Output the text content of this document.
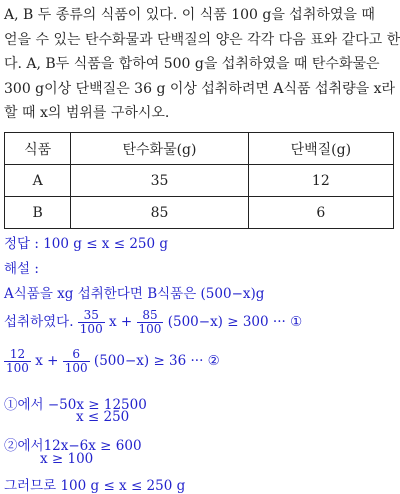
A, B 두 종류의 식품이 있다. 이 식품 100 g을 섭취하였을 때
얻을 수 있는 탄수화물과 단백질의 양은 각각 다음 표와 같다고 한
다. A, B두 식품을 합하여 500 g을 섭취하였을 때 탄수화물은
300 g이상 단백질은 36 g 이상 섭취하려면 A식품 섭취량을 x라
할 때 x의 범위를 구하시오.
식품	탄수화물(g)	단백질(g)
A	35	12
B	85	6
정답 : 100 g ≤ x ≤ 250 g
해설 :
A식품을 xg 섭취한다면 B식품은 (500−x)g
섭취하였다. $\frac{35}{100}$ $x + \frac{85}{100} (500-x) \ge 300$ ··· ①
$\frac{12}{100}$ $x + \frac{6}{100} (500-x) \ge 36$ ··· ②
①에서 −50x ≥ 12500
x ≤ 250
②에서12x−6x ≥ 600
x ≥ 100
그러므로 100 g ≤ x ≤ 250 g
